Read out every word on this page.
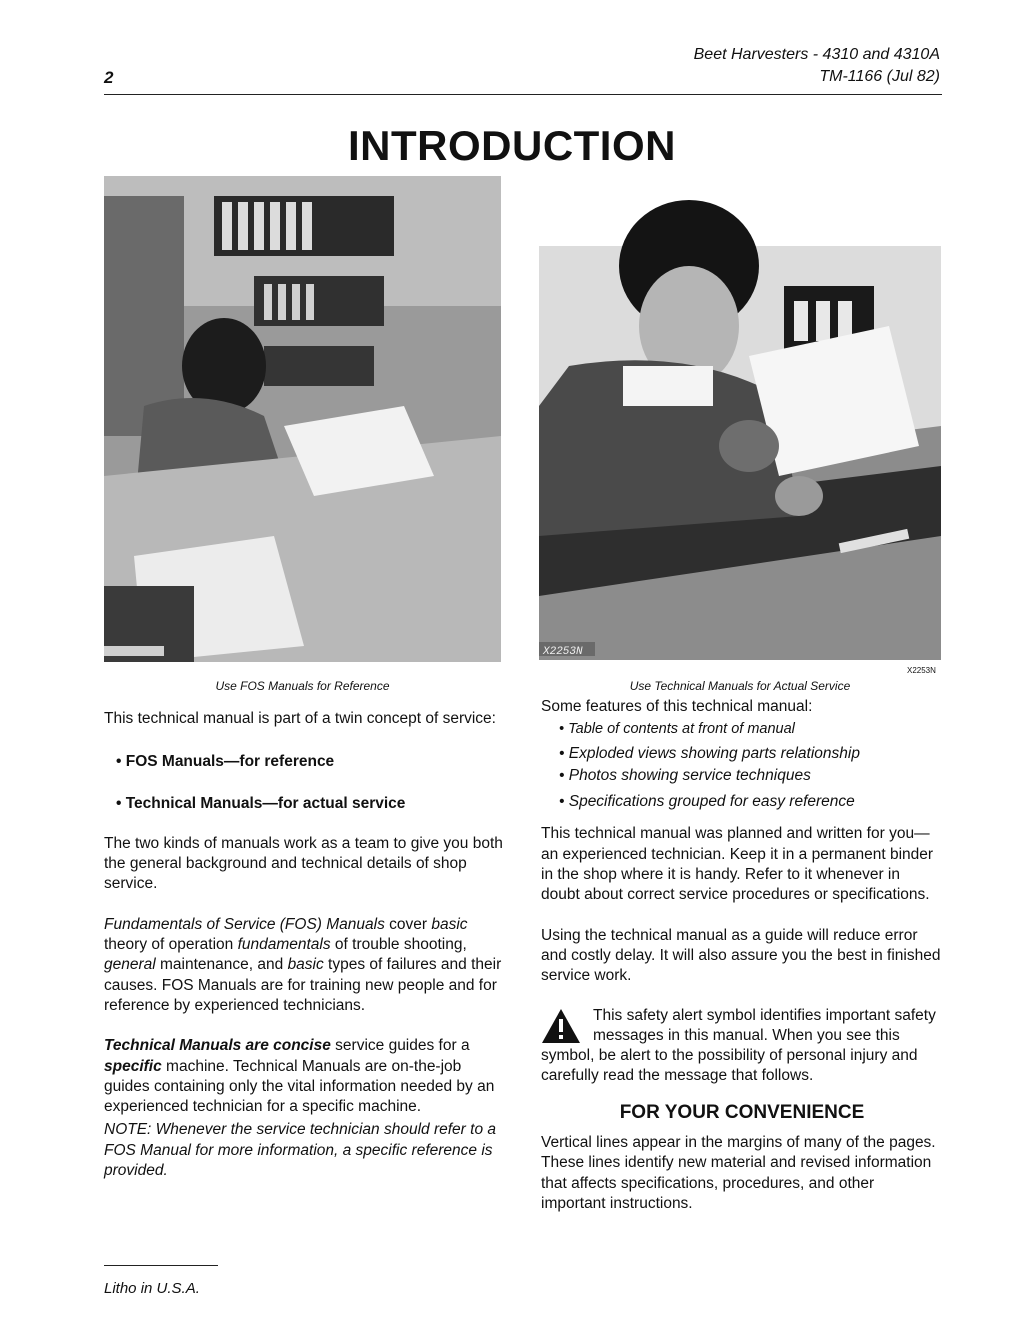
2
Beet Harvesters - 4310 and 4310A
TM-1166 (Jul 82)
INTRODUCTION
Use FOS Manuals for Reference
X2253N
X2253N
Use Technical Manuals for Actual Service

This technical manual is part of a twin concept of service:

• FOS Manuals—for reference

• Technical Manuals—for actual service

The two kinds of manuals work as a team to give you both the general background and technical details of shop service.

Fundamentals of Service (FOS) Manuals cover basic theory of operation fundamentals of trouble shooting, general maintenance, and basic types of failures and their causes. FOS Manuals are for training new people and for reference by experienced technicians.

Technical Manuals are concise service guides for a specific machine. Technical Manuals are on-the-job guides containing only the vital information needed by an experienced technician for a specific machine.

NOTE: Whenever the service technician should refer to a FOS Manual for more information, a specific reference is provided.

Some features of this technical manual:

• Table of contents at front of manual

• Exploded views showing parts relationship

• Photos showing service techniques

• Specifications grouped for easy reference

This technical manual was planned and written for you—an experienced technician. Keep it in a permanent binder in the shop where it is handy. Refer to it whenever in doubt about correct service procedures or specifications.

Using the technical manual as a guide will reduce error and costly delay. It will also assure you the best in finished service work.

This safety alert symbol identifies important safety messages in this manual. When you see this symbol, be alert to the possibility of personal injury and carefully read the message that follows.

FOR YOUR CONVENIENCE

Vertical lines appear in the margins of many of the pages. These lines identify new material and revised information that affects specifications, procedures, and other important instructions.

Litho in U.S.A.
